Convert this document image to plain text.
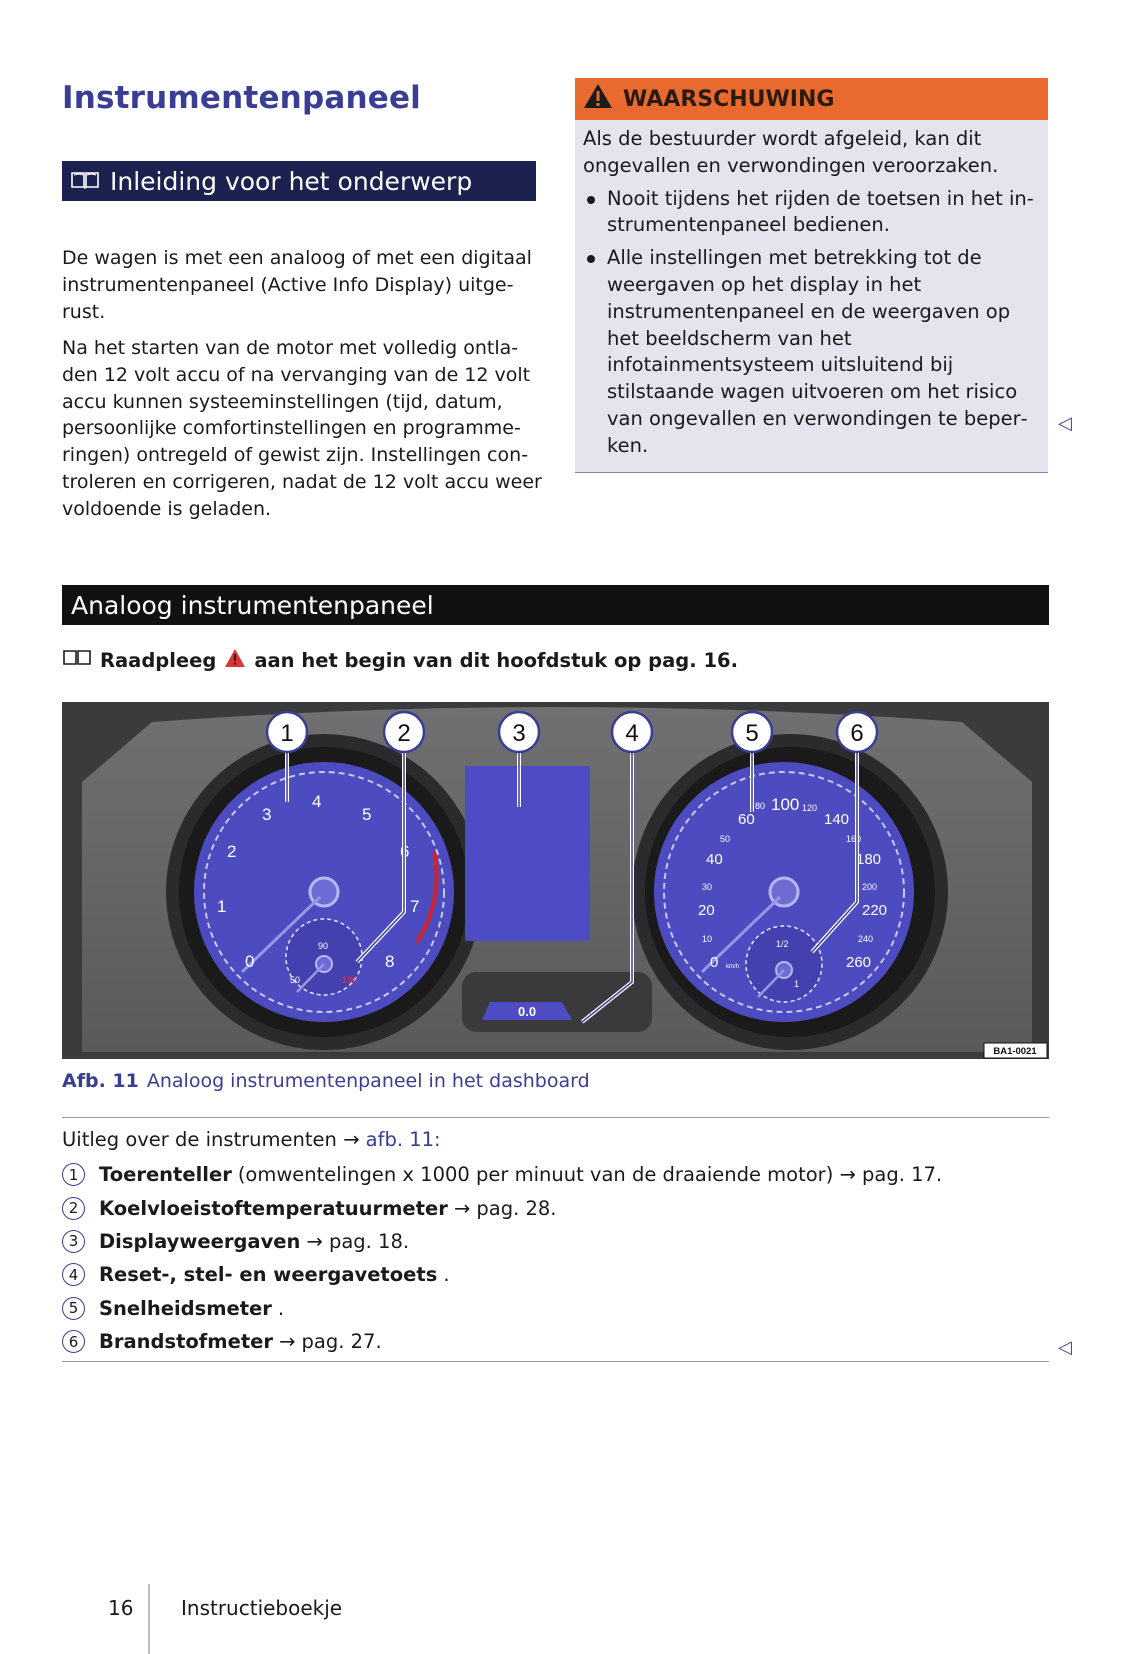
Instrumentenpaneel
Inleiding voor het onderwerp
De wagen is met een analoog of met een digitaal instrumentenpaneel (Active Info Display) uitgerust.
Na het starten van de motor met volledig ontladen 12 volt accu of na vervanging van de 12 volt accu kunnen systeeminstellingen (tijd, datum, persoonlijke comfortinstellingen en programmeringen) ontregeld of gewist zijn. Instellingen controleren en corrigeren, nadat de 12 volt accu weer voldoende is geladen.
WAARSCHUWING
Als de bestuurder wordt afgeleid, kan dit ongevallen en verwondingen veroorzaken.
Nooit tijdens het rijden de toetsen in het instrumentenpaneel bedienen.
Alle instellingen met betrekking tot de weergaven op het display in het instrumentenpaneel en de weergaven op het beeldscherm van het infotainmentsysteem uitsluitend bij stilstaande wagen uitvoeren om het risico van ongevallen en verwondingen te beperken.
◁
Analoog instrumentenpaneel
Raadpleeg aan het begin van dit hoofdstuk op pag. 16.
0
1
2
3
4
5
6
7
8
50
90
130
0.0
0
20
40
60
100
140
180
220
260
10
30
50
80	120
160
200
240
km/h
1/2
1
1	2	3	4	5	6
BA1-0021
Afb. 11 Analoog instrumentenpaneel in het dashboard
Uitleg over de instrumenten → afb. 11:
1	Toerenteller (omwentelingen x 1000 per minuut van de draaiende motor) → pag. 17.
2	Koelvloeistoftemperatuurmeter → pag. 28.
3	Displayweergaven → pag. 18.
4	Reset-, stel- en weergavetoets .
5	Snelheidsmeter .
6	Brandstofmeter → pag. 27.	◁
16 Instructieboekje
